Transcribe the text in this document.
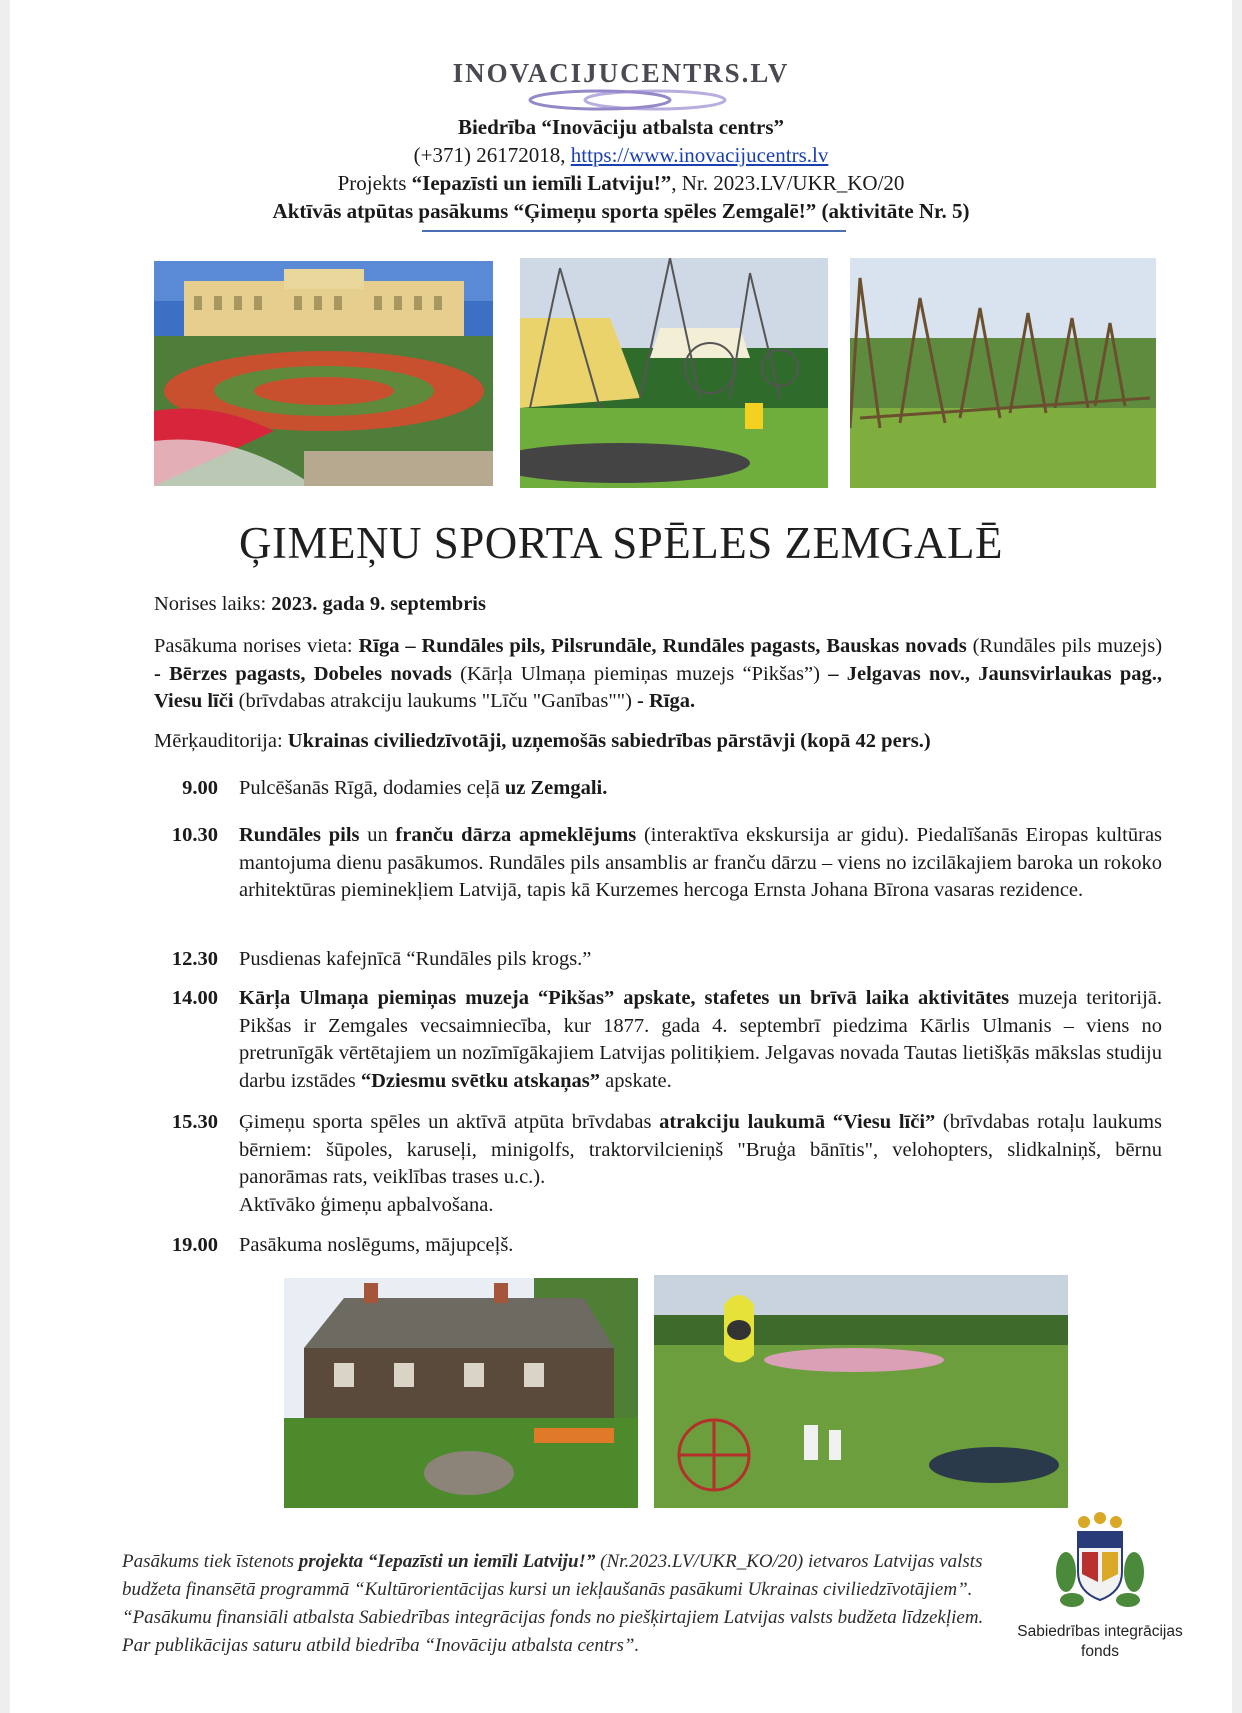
INOVACIJUCENTRS.LV
Biedrība “Inovāciju atbalsta centrs”
(+371) 26172018, https://www.inovacijucentrs.lv
Projekts “Iepazīsti un iemīli Latviju!”, Nr. 2023.LV/UKR_KO/20
Aktīvās atpūtas pasākums “Ģimeņu sporta spēles Zemgalē!” (aktivitāte Nr. 5)
ĢIMEŅU SPORTA SPĒLES ZEMGALĒ
Norises laiks: 2023. gada 9. septembris
Pasākuma norises vieta: Rīga – Rundāles pils, Pilsrundāle, Rundāles pagasts, Bauskas novads (Rundāles pils muzejs) - Bērzes pagasts, Dobeles novads (Kārļa Ulmaņa piemiņas muzejs “Pikšas”) – Jelgavas nov., Jaunsvirlaukas pag., Viesu līči (brīvdabas atrakciju laukums "Līču "Ganības"") - Rīga.
Mērķauditorija: Ukrainas civiliedzīvotāji, uzņemošās sabiedrības pārstāvji (kopā 42 pers.)
9.00 Pulcēšanās Rīgā, dodamies ceļā uz Zemgali.
10.30 Rundāles pils un franču dārza apmeklējums (interaktīva ekskursija ar gidu). Piedalīšanās Eiropas kultūras mantojuma dienu pasākumos. Rundāles pils ansamblis ar franču dārzu – viens no izcilākajiem baroka un rokoko arhitektūras pieminekļiem Latvijā, tapis kā Kurzemes hercoga Ernsta Johana Bīrona vasaras rezidence.
12.30 Pusdienas kafejnīcā “Rundāles pils krogs.”
14.00 Kārļa Ulmaņa piemiņas muzeja “Pikšas” apskate, stafetes un brīvā laika aktivitātes muzeja teritorijā. Pikšas ir Zemgales vecsaimniecība, kur 1877. gada 4. septembrī piedzima Kārlis Ulmanis – viens no pretrunīgāk vērtētajiem un nozīmīgākajiem Latvijas politiķiem. Jelgavas novada Tautas lietišķās mākslas studiju darbu izstādes “Dziesmu svētku atskaņas” apskate.
15.30 Ģimeņu sporta spēles un aktīvā atpūta brīvdabas atrakciju laukumā “Viesu līči” (brīvdabas rotaļu laukums bērniem: šūpoles, karuseļi, minigolfs, traktorvilcieniņš "Bruģa bānītis", velohopters, slidkalniņš, bērnu panorāmas rats, veiklības trases u.c.).
Aktīvāko ģimeņu apbalvošana.
19.00 Pasākuma noslēgums, mājupceļš.
Pasākums tiek īstenots projekta “Iepazīsti un iemīli Latviju!” (Nr.2023.LV/UKR_KO/20) ietvaros Latvijas valsts budžeta finansētā programmā “Kultūrorientācijas kursi un iekļaušanās pasākumi Ukrainas civiliedzīvotājiem”. “Pasākumu finansiāli atbalsta Sabiedrības integrācijas fonds no piešķirtajiem Latvijas valsts budžeta līdzekļiem. Par publikācijas saturu atbild biedrība “Inovāciju atbalsta centrs”.
Sabiedrības integrācijas
fonds
